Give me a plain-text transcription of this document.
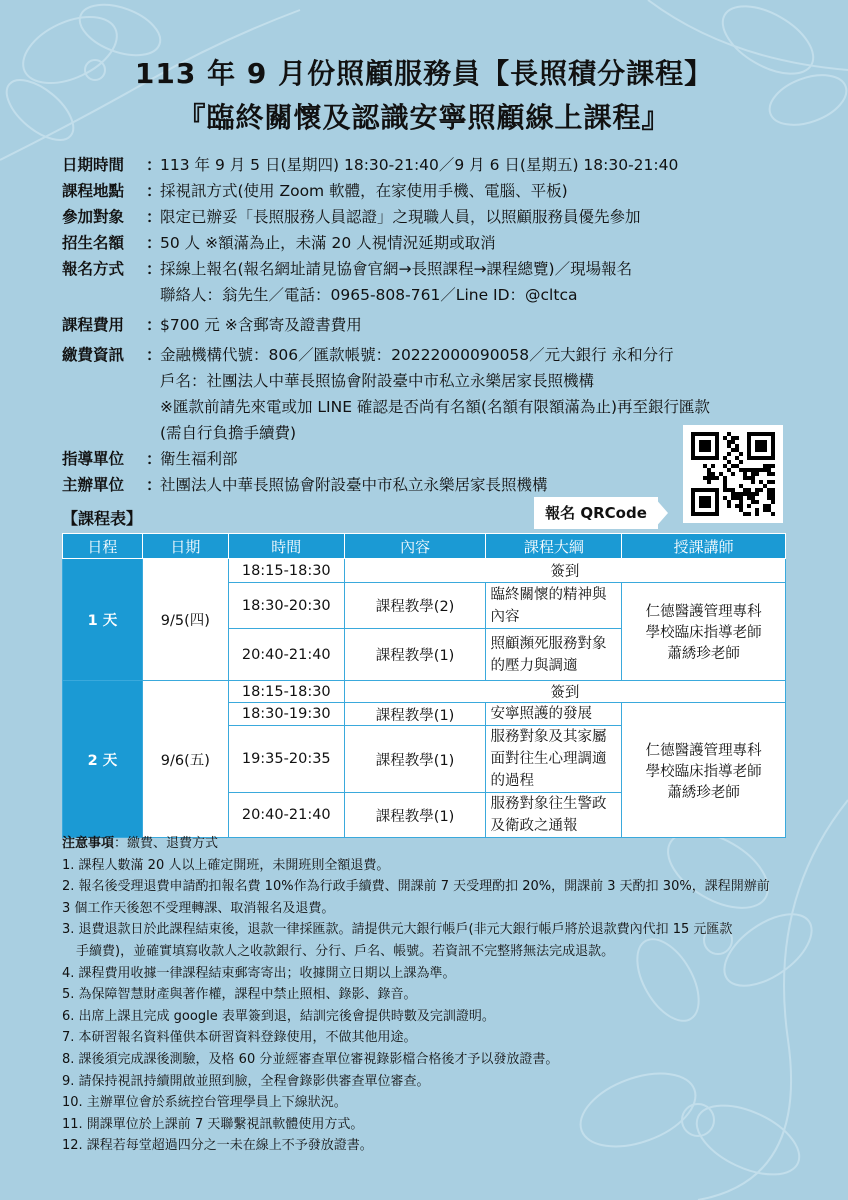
113 年 9 月份照顧服務員【長照積分課程】
『臨終關懷及認識安寧照顧線上課程』
日期時間	：
113 年 9 月 5 日(星期四) 18:30-21:40／9 月 6 日(星期五) 18:30-21:40
課程地點	：
採視訊方式(使用 Zoom 軟體，在家使用手機、電腦、平板)
參加對象	：
限定已辦妥「長照服務人員認證」之現職人員，以照顧服務員優先參加
招生名額	：
50 人 ※額滿為止，未滿 20 人視情況延期或取消
報名方式	：
採線上報名(報名網址請見協會官網→長照課程→課程總覽)／現場報名
聯絡人：翁先生／電話：0965-808-761／Line ID：@cltca
課程費用	：
$700 元 ※含郵寄及證書費用
繳費資訊	：
金融機構代號：806／匯款帳號：20222000090058／元大銀行 永和分行
戶名：社團法人中華長照協會附設臺中市私立永樂居家長照機構
※匯款前請先來電或加 LINE 確認是否尚有名額(名額有限額滿為止)再至銀行匯款
(需自行負擔手續費)
指導單位	：
衛生福利部
主辦單位	：
社團法人中華長照協會附設臺中市私立永樂居家長照機構
報名 QRCode
【課程表】
日程	日期	時間	內容	課程大綱	授課講師
1 天	9/5(四)	18:15-18:30	簽到		
		18:30-20:30	課程教學(2)	臨終關懷的精神與內容	仁德醫護管理專科
學校臨床指導老師
蕭綉珍老師

		20:40-21:40	課程教學(1)	照顧瀕死服務對象的壓力與調適	
2 天	9/6(五)	18:15-18:30	簽到		
		18:30-19:30	課程教學(1)	安寧照護的發展	仁德醫護管理專科
學校臨床指導老師
蕭綉珍老師

		19:35-20:35	課程教學(1)	服務對象及其家屬面對往生心理調適的過程	
		20:40-21:40	課程教學(1)	服務對象往生警政及衛政之通報	
注意事項：繳費、退費方式
1. 課程人數滿 20 人以上確定開班，未開班則全額退費。
2. 報名後受理退費申請酌扣報名費 10%作為行政手續費、開課前 7 天受理酌扣 20%，開課前 3 天酌扣 30%，課程開辦前
3 個工作天後恕不受理轉課、取消報名及退費。
3. 退費退款日於此課程結束後，退款一律採匯款。請提供元大銀行帳戶(非元大銀行帳戶將於退款費內代扣 15 元匯款
手續費)，並確實填寫收款人之收款銀行、分行、戶名、帳號。若資訊不完整將無法完成退款。
4. 課程費用收據一律課程結束郵寄寄出；收據開立日期以上課為準。
5. 為保障智慧財產與著作權，課程中禁止照相、錄影、錄音。
6. 出席上課且完成 google 表單簽到退，結訓完後會提供時數及完訓證明。
7. 本研習報名資料僅供本研習資料登錄使用，不做其他用途。
8. 課後須完成課後測驗，及格 60 分並經審查單位審視錄影檔合格後才予以發放證書。
9. 請保持視訊持續開啟並照到臉，全程會錄影供審查單位審查。
10. 主辦單位會於系統控台管理學員上下線狀況。
11. 開課單位於上課前 7 天聯繫視訊軟體使用方式。
12. 課程若每堂超過四分之一未在線上不予發放證書。
